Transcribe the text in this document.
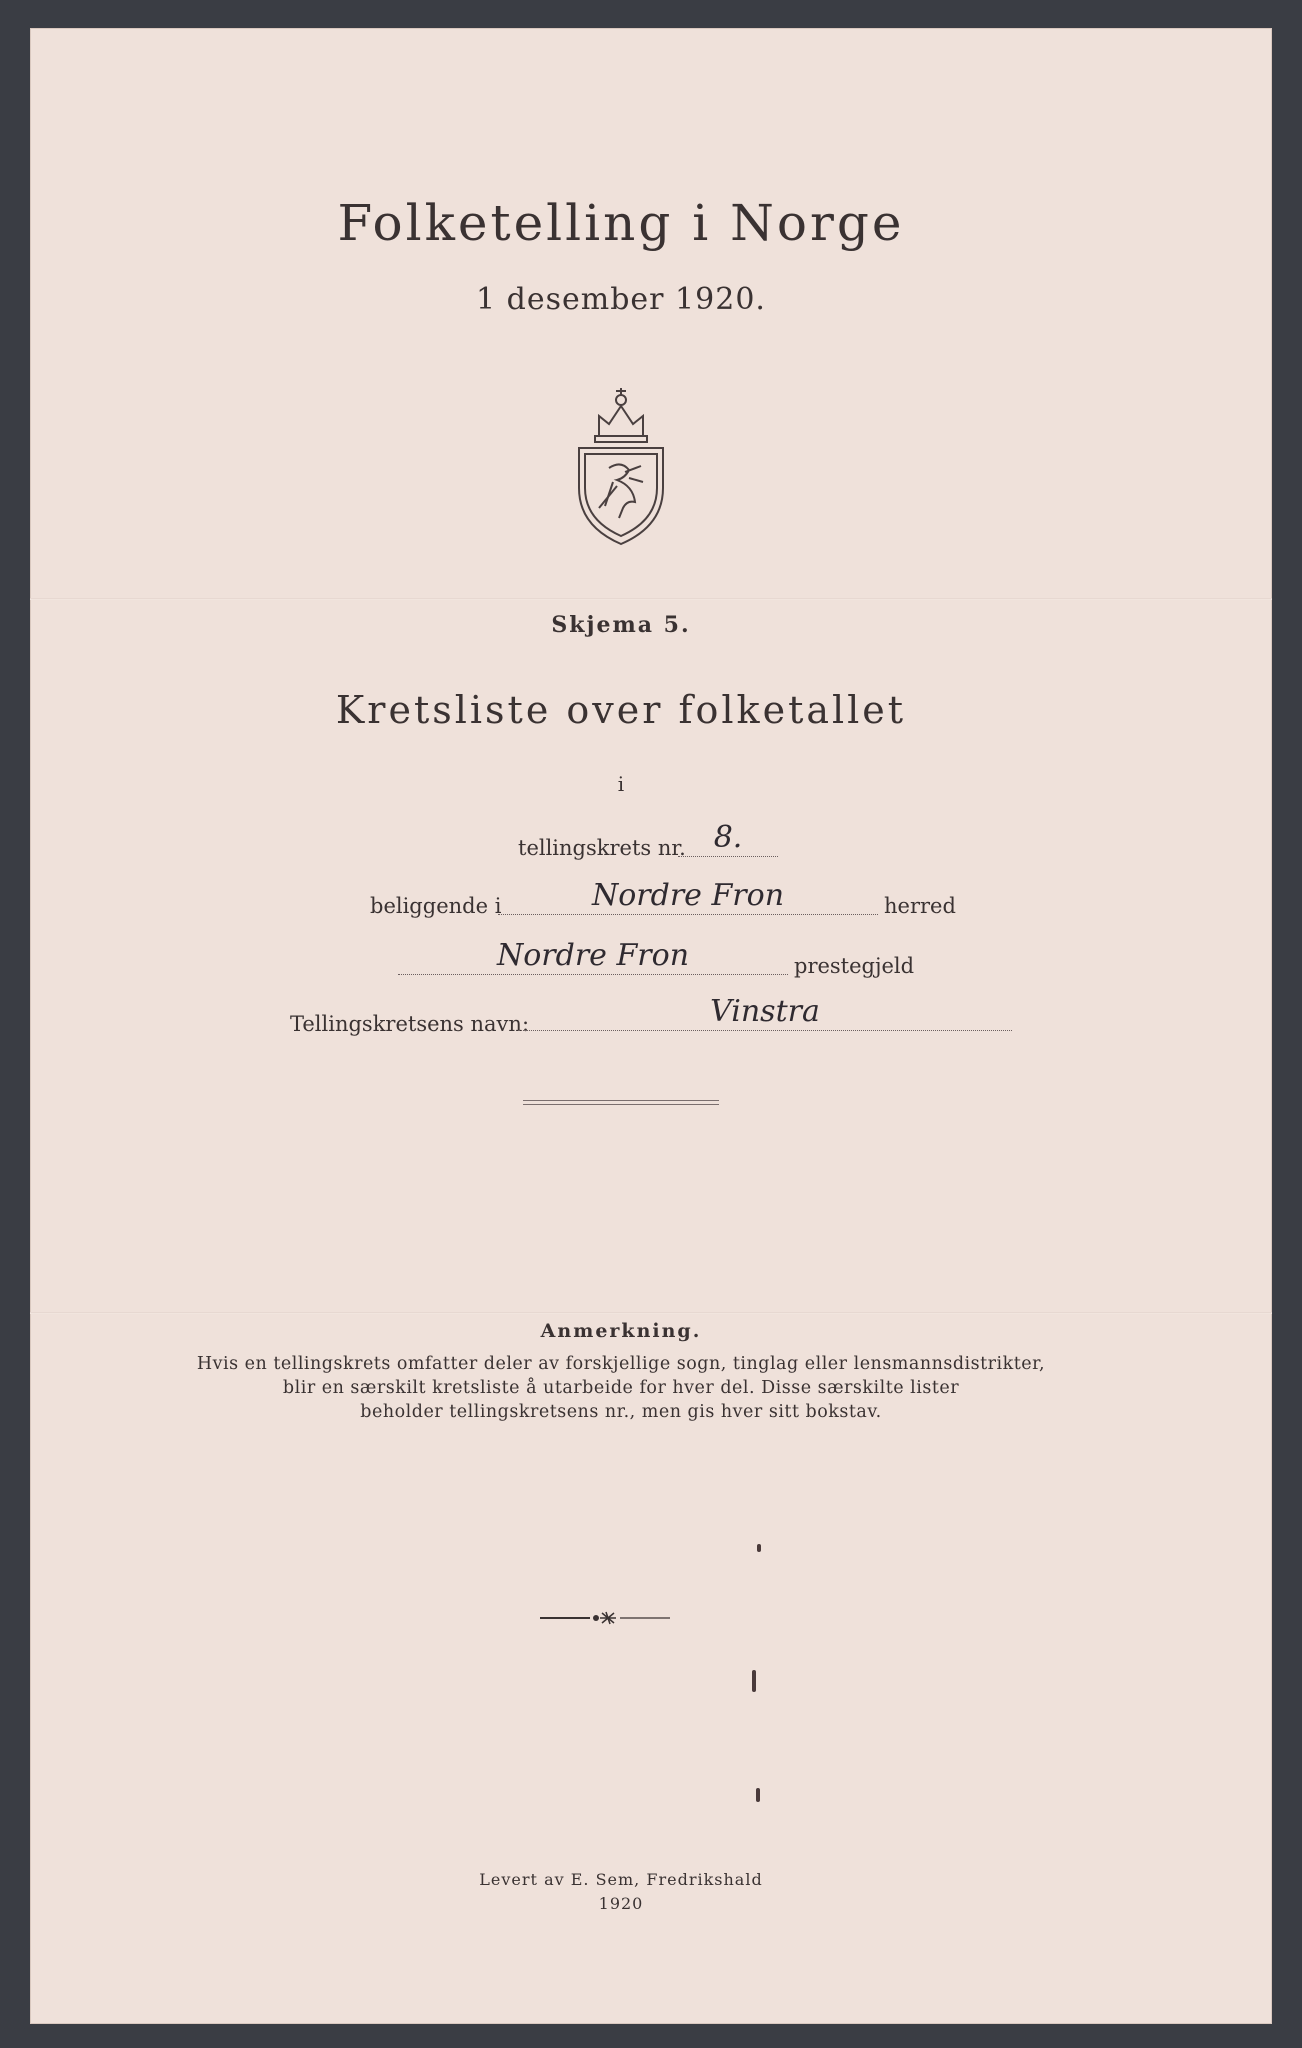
Folketelling i Norge
1 desember 1920.
Skjema 5.
Kretsliste over folketallet
i
tellingskrets nr. 8.
beliggende i	Nordre Fron	herred
Nordre Fron	prestegjeld
Tellingskretsens navn:	Vinstra
Anmerkning.
Hvis en tellingskrets omfatter deler av forskjellige sogn, tinglag eller lensmannsdistrikter,
blir en særskilt kretsliste å utarbeide for hver del. Disse særskilte lister
beholder tellingskretsens nr., men gis hver sitt bokstav.
Levert av E. Sem, Fredrikshald
1920
